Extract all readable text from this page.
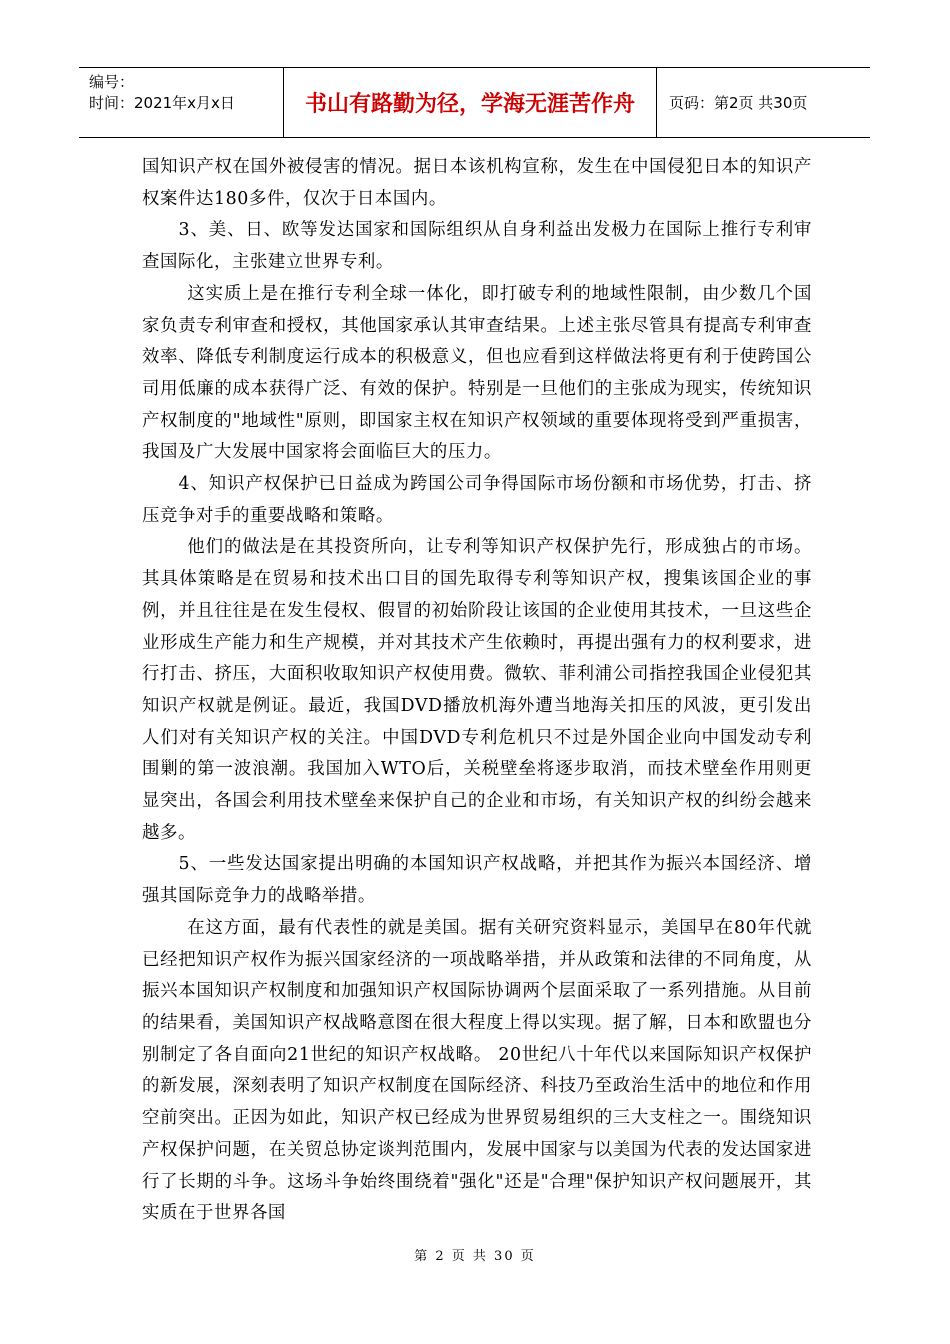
编号：
时间：2021年x月x日	书山有路勤为径，学海无涯苦作舟	页码：第2页 共30页

国知识产权在国外被侵害的情况。据日本该机构宣称，发生在中国侵犯日本的知识产权案件达180多件，仅次于日本国内。

3、美、日、欧等发达国家和国际组织从自身利益出发极力在国际上推行专利审查国际化，主张建立世界专利。

这实质上是在推行专利全球一体化，即打破专利的地域性限制，由少数几个国家负责专利审查和授权，其他国家承认其审查结果。上述主张尽管具有提高专利审查效率、降低专利制度运行成本的积极意义，但也应看到这样做法将更有利于使跨国公司用低廉的成本获得广泛、有效的保护。特别是一旦他们的主张成为现实，传统知识产权制度的"地域性"原则，即国家主权在知识产权领域的重要体现将受到严重损害，我国及广大发展中国家将会面临巨大的压力。

4、知识产权保护已日益成为跨国公司争得国际市场份额和市场优势，打击、挤压竞争对手的重要战略和策略。

他们的做法是在其投资所向，让专利等知识产权保护先行，形成独占的市场。其具体策略是在贸易和技术出口目的国先取得专利等知识产权，搜集该国企业的事例，并且往往是在发生侵权、假冒的初始阶段让该国的企业使用其技术，一旦这些企业形成生产能力和生产规模，并对其技术产生依赖时，再提出强有力的权利要求，进行打击、挤压，大面积收取知识产权使用费。微软、菲利浦公司指控我国企业侵犯其知识产权就是例证。最近，我国DVD播放机海外遭当地海关扣压的风波，更引发出人们对有关知识产权的关注。中国DVD专利危机只不过是外国企业向中国发动专利围剿的第一波浪潮。我国加入WTO后，关税壁垒将逐步取消，而技术壁垒作用则更显突出，各国会利用技术壁垒来保护自己的企业和市场，有关知识产权的纠纷会越来越多。

5、一些发达国家提出明确的本国知识产权战略，并把其作为振兴本国经济、增强其国际竞争力的战略举措。

在这方面，最有代表性的就是美国。据有关研究资料显示，美国早在80年代就已经把知识产权作为振兴国家经济的一项战略举措，并从政策和法律的不同角度，从振兴本国知识产权制度和加强知识产权国际协调两个层面采取了一系列措施。从目前的结果看，美国知识产权战略意图在很大程度上得以实现。据了解，日本和欧盟也分别制定了各自面向21世纪的知识产权战略。 20世纪八十年代以来国际知识产权保护的新发展，深刻表明了知识产权制度在国际经济、科技乃至政治生活中的地位和作用空前突出。正因为如此，知识产权已经成为世界贸易组织的三大支柱之一。围绕知识产权保护问题，在关贸总协定谈判范围内，发展中国家与以美国为代表的发达国家进行了长期的斗争。这场斗争始终围绕着"强化"还是"合理"保护知识产权问题展开，其实质在于世界各国

第 2 页 共 30 页
